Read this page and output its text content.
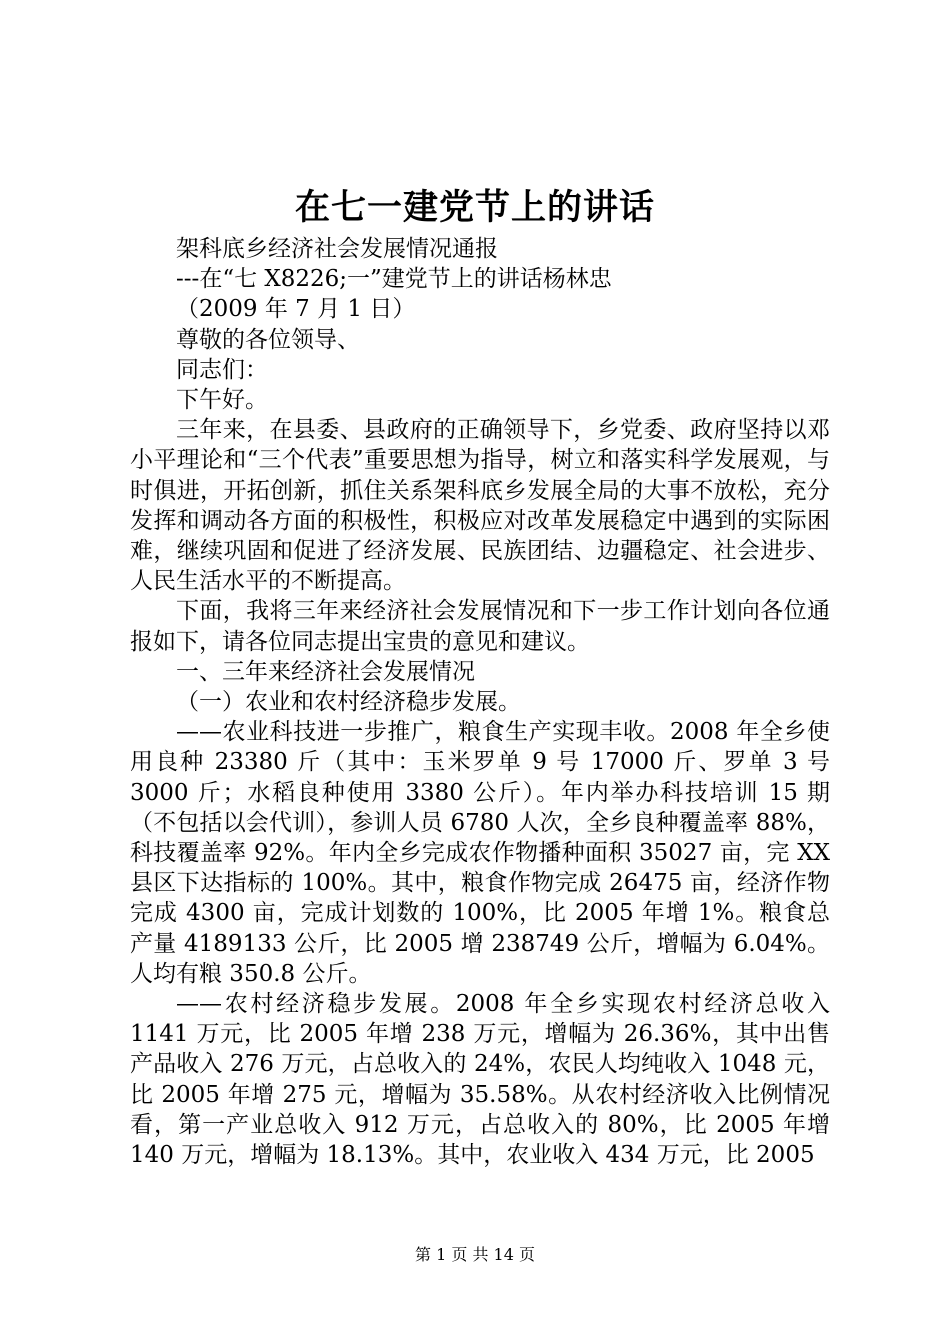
在七一建党节上的讲话

架科底乡经济社会发展情况通报

---在“七 X8226;一”建党节上的讲话杨林忠

（2009 年 7 月 1 日）

尊敬的各位领导、

同志们：

下午好。

三年来，在县委、县政府的正确领导下，乡党委、政府坚持以邓小平理论和“三个代表”重要思想为指导，树立和落实科学发展观，与时俱进，开拓创新，抓住关系架科底乡发展全局的大事不放松，充分发挥和调动各方面的积极性，积极应对改革发展稳定中遇到的实际困难，继续巩固和促进了经济发展、民族团结、边疆稳定、社会进步、人民生活水平的不断提高。

下面，我将三年来经济社会发展情况和下一步工作计划向各位通报如下，请各位同志提出宝贵的意见和建议。

一、三年来经济社会发展情况

（一）农业和农村经济稳步发展。

——农业科技进一步推广，粮食生产实现丰收。2008 年全乡使用良种 23380 斤（其中：玉米罗单 9 号 17000 斤、罗单 3 号 3000 斤；水稻良种使用 3380 公斤）。年内举办科技培训 15 期（不包括以会代训），参训人员 6780 人次，全乡良种覆盖率 88%，科技覆盖率 92%。年内全乡完成农作物播种面积 35027 亩，完 XX 县区下达指标的 100%。其中，粮食作物完成 26475 亩，经济作物完成 4300 亩，完成计划数的 100%，比 2005 年增 1%。粮食总产量 4189133 公斤，比 2005 增 238749 公斤，增幅为 6.04%。人均有粮 350.8 公斤。

——农村经济稳步发展。2008 年全乡实现农村经济总收入 1141 万元，比 2005 年增 238 万元，增幅为 26.36%，其中出售产品收入 276 万元，占总收入的 24%，农民人均纯收入 1048 元，比 2005 年增 275 元，增幅为 35.58%。从农村经济收入比例情况看，第一产业总收入 912 万元，占总收入的 80%，比 2005 年增 140 万元，增幅为 18.13%。其中，农业收入 434 万元，比 2005

第 1 页 共 14 页
